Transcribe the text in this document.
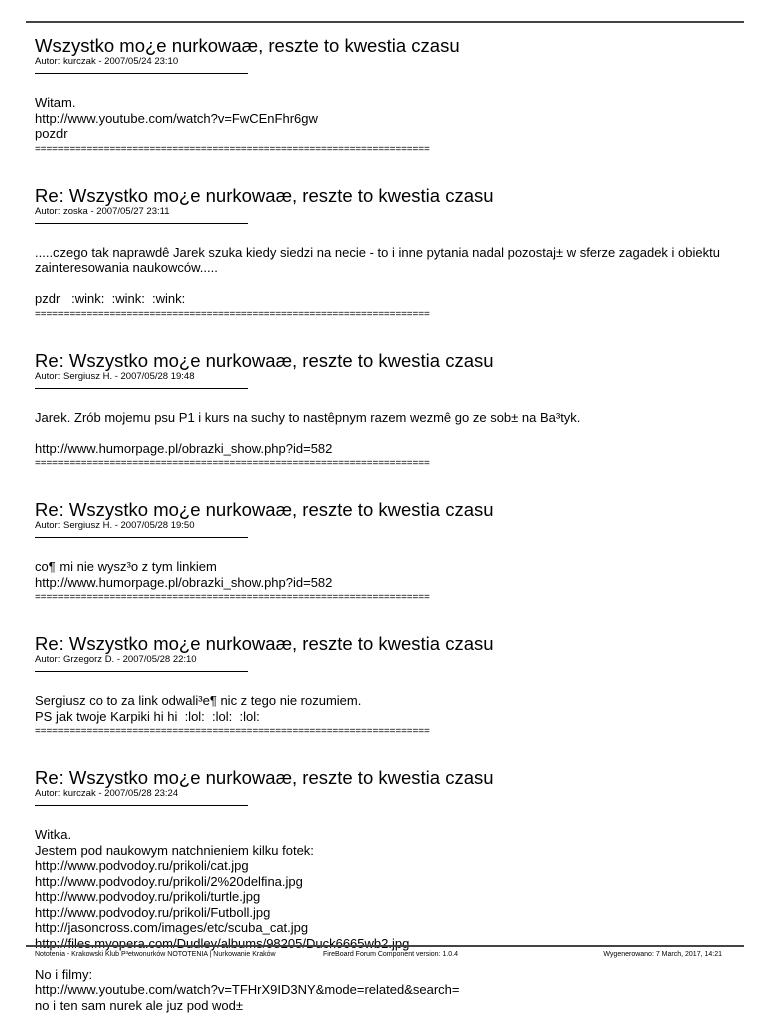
Wszystko mo¿e nurkowaæ, reszte to kwestia czasu
Autor: kurczak - 2007/05/24 23:10
Witam.
http://www.youtube.com/watch?v=FwCEnFhr6gw
pozdr
=====================================================================
Re: Wszystko mo¿e nurkowaæ, reszte to kwestia czasu
Autor: zoska - 2007/05/27 23:11
.....czego tak naprawdê Jarek szuka kiedy siedzi na necie - to i inne pytania nadal pozostaj± w sferze zagadek i obiektu
zainteresowania naukowców.....
pzdr   :wink:  :wink:  :wink:
=====================================================================
Re: Wszystko mo¿e nurkowaæ, reszte to kwestia czasu
Autor: Sergiusz H. - 2007/05/28 19:48
Jarek. Zrób mojemu psu P1 i kurs na suchy to nastêpnym razem wezmê go ze sob± na Ba³tyk.
http://www.humorpage.pl/obrazki_show.php?id=582
=====================================================================
Re: Wszystko mo¿e nurkowaæ, reszte to kwestia czasu
Autor: Sergiusz H. - 2007/05/28 19:50
co¶ mi nie wysz³o z tym linkiem
http://www.humorpage.pl/obrazki_show.php?id=582
=====================================================================
Re: Wszystko mo¿e nurkowaæ, reszte to kwestia czasu
Autor: Grzegorz D. - 2007/05/28 22:10
Sergiusz co to za link odwali³e¶ nic z tego nie rozumiem.
PS jak twoje Karpiki hi hi  :lol:  :lol:  :lol:
=====================================================================
Re: Wszystko mo¿e nurkowaæ, reszte to kwestia czasu
Autor: kurczak - 2007/05/28 23:24
Witka.
Jestem pod naukowym natchnieniem kilku fotek:
http://www.podvodoy.ru/prikoli/cat.jpg
http://www.podvodoy.ru/prikoli/2%20delfina.jpg
http://www.podvodoy.ru/prikoli/turtle.jpg
http://www.podvodoy.ru/prikoli/Futboll.jpg
http://jasoncross.com/images/etc/scuba_cat.jpg
http://files.myopera.com/Dudley/albums/98205/Duck6665wb2.jpg
No i filmy:
http://www.youtube.com/watch?v=TFHrX9ID3NY&mode=related&search=
no i ten sam nurek ale juz pod wod±
Nototenia - Krakowski Klub P³etwonurków NOTOTENIA | Nurkowanie Kraków	FireBoard Forum Component version: 1.0.4	Wygenerowano: 7 March, 2017, 14:21
